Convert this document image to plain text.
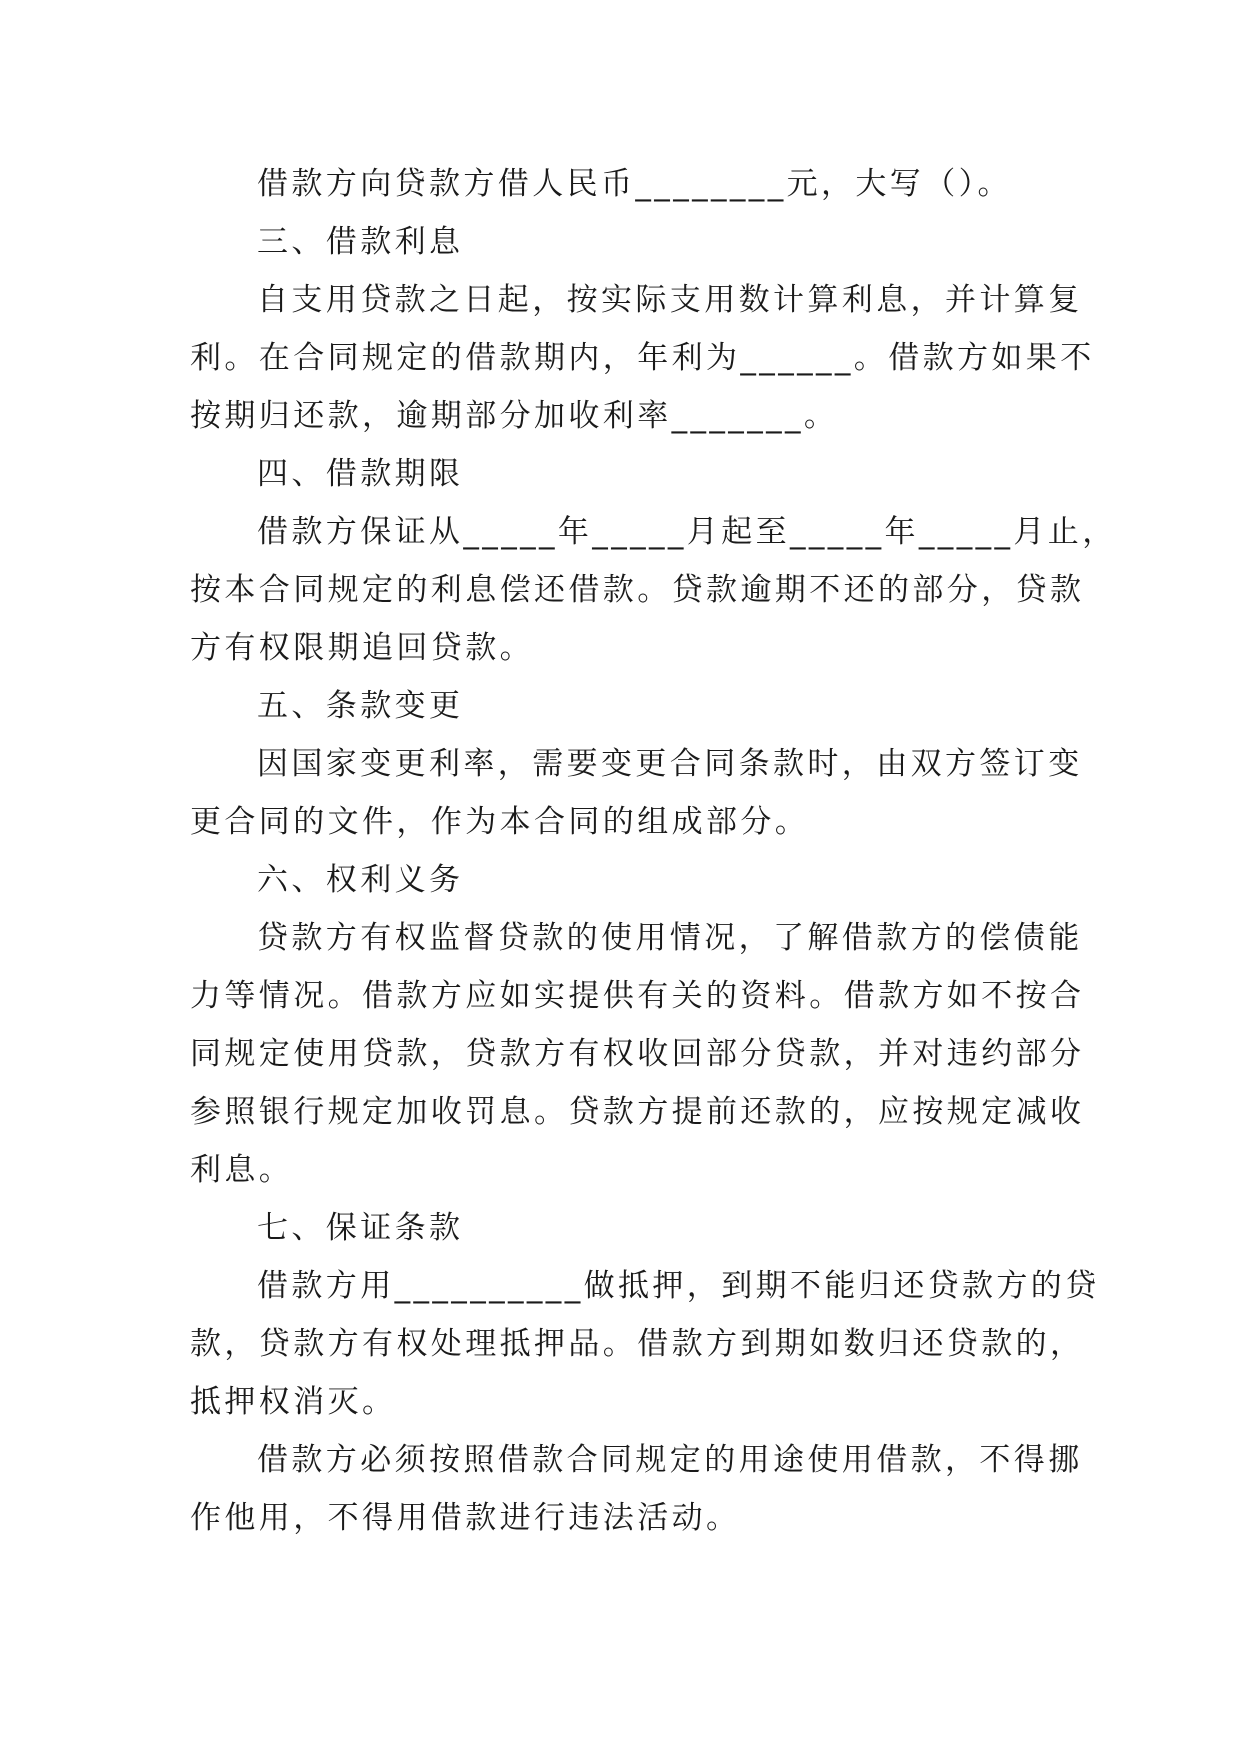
借款方向贷款方借人民币________元，大写（）。
三、借款利息
自支用贷款之日起，按实际支用数计算利息，并计算复
利。在合同规定的借款期内，年利为______。借款方如果不
按期归还款，逾期部分加收利率_______。
四、借款期限
借款方保证从_____年_____月起至_____年_____月止，
按本合同规定的利息偿还借款。贷款逾期不还的部分，贷款
方有权限期追回贷款。
五、条款变更
因国家变更利率，需要变更合同条款时，由双方签订变
更合同的文件，作为本合同的组成部分。
六、权利义务
贷款方有权监督贷款的使用情况，了解借款方的偿债能
力等情况。借款方应如实提供有关的资料。借款方如不按合
同规定使用贷款，贷款方有权收回部分贷款，并对违约部分
参照银行规定加收罚息。贷款方提前还款的，应按规定减收
利息。
七、保证条款
借款方用__________做抵押，到期不能归还贷款方的贷
款，贷款方有权处理抵押品。借款方到期如数归还贷款的，
抵押权消灭。
借款方必须按照借款合同规定的用途使用借款，不得挪
作他用，不得用借款进行违法活动。
